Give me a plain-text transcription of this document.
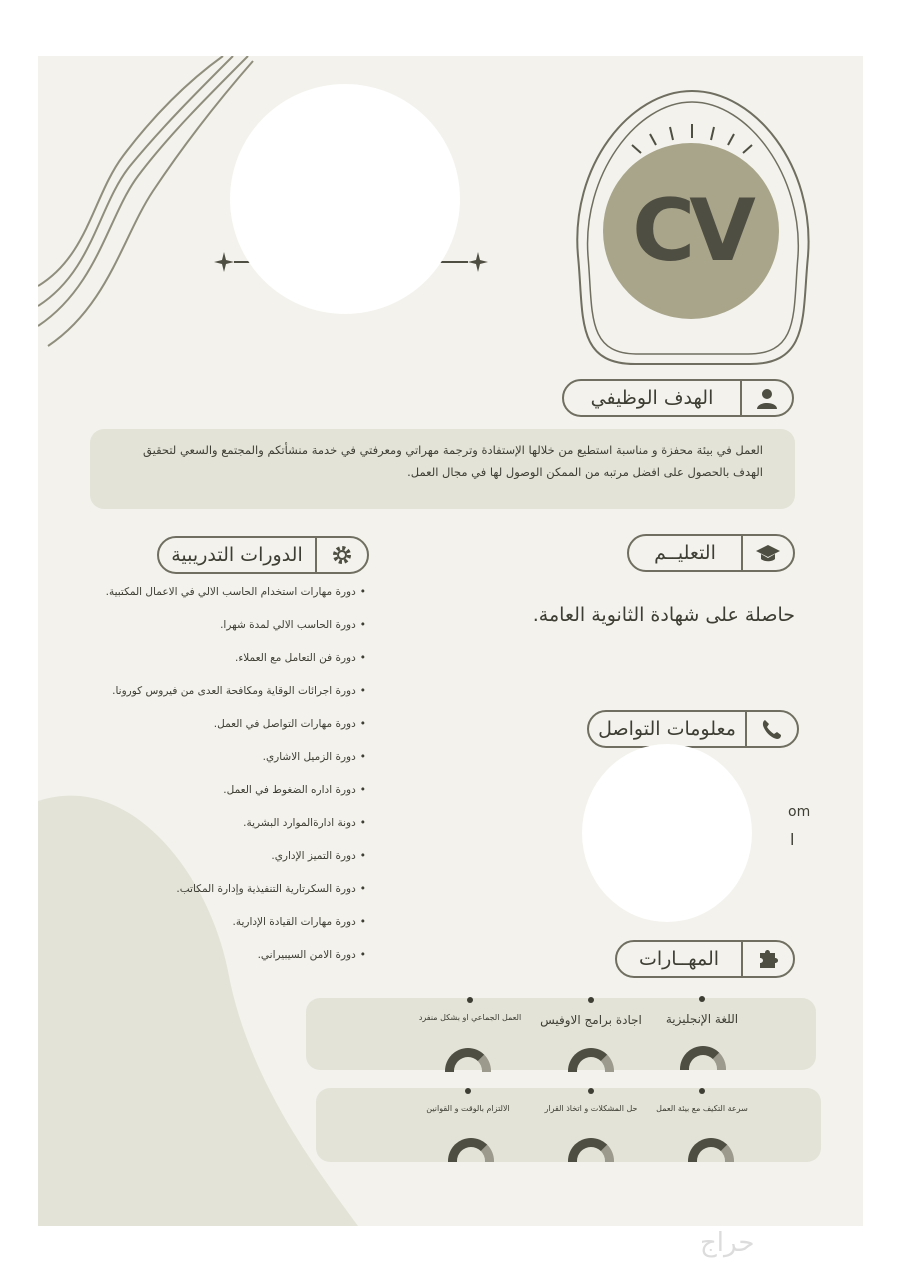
CV
الهدف الوظيفي
العمل في بيئة محفزة و مناسبة استطيع من خلالها الإستفادة وترجمة مهراتي ومعرفتي في خدمة منشأتكم والمجتمع والسعي لتحقيق الهدف بالحصول على افضل مرتبه من الممكن الوصول لها في مجال العمل.
التعليــم
حاصلة على شهادة الثانوية العامة.
الدورات التدريبية
• دورة مهارات استخدام الحاسب الالي في الاعمال المكتبية.
• دورة الحاسب الالي لمدة شهرا.
• دورة فن التعامل مع العملاء.
• دورة اجرائات الوقاية ومكافحة العدى من فيروس كورونا.
• دورة مهارات التواصل في العمل.
• دورة الزميل الاشاري.
• دورة اداره الضغوط في العمل.
• دونة ادارةالموارد البشرية.
• دورة التميز الإداري.
• دورة السكرتارية التنفيذية وإدارة المكاتب.
• دورة مهارات القيادة الإدارية.
• دورة الامن السيبيراني.
معلومات التواصل
om
ا
المهــارات
اللغة الإنجليزية
اجادة برامج الاوفيس
العمل الجماعي او بشكل منفرد
سرعة التكيف مع بيئة العمل
حل المشكلات و اتخاذ القرار
الالتزام بالوقت و القوانين
حراج
